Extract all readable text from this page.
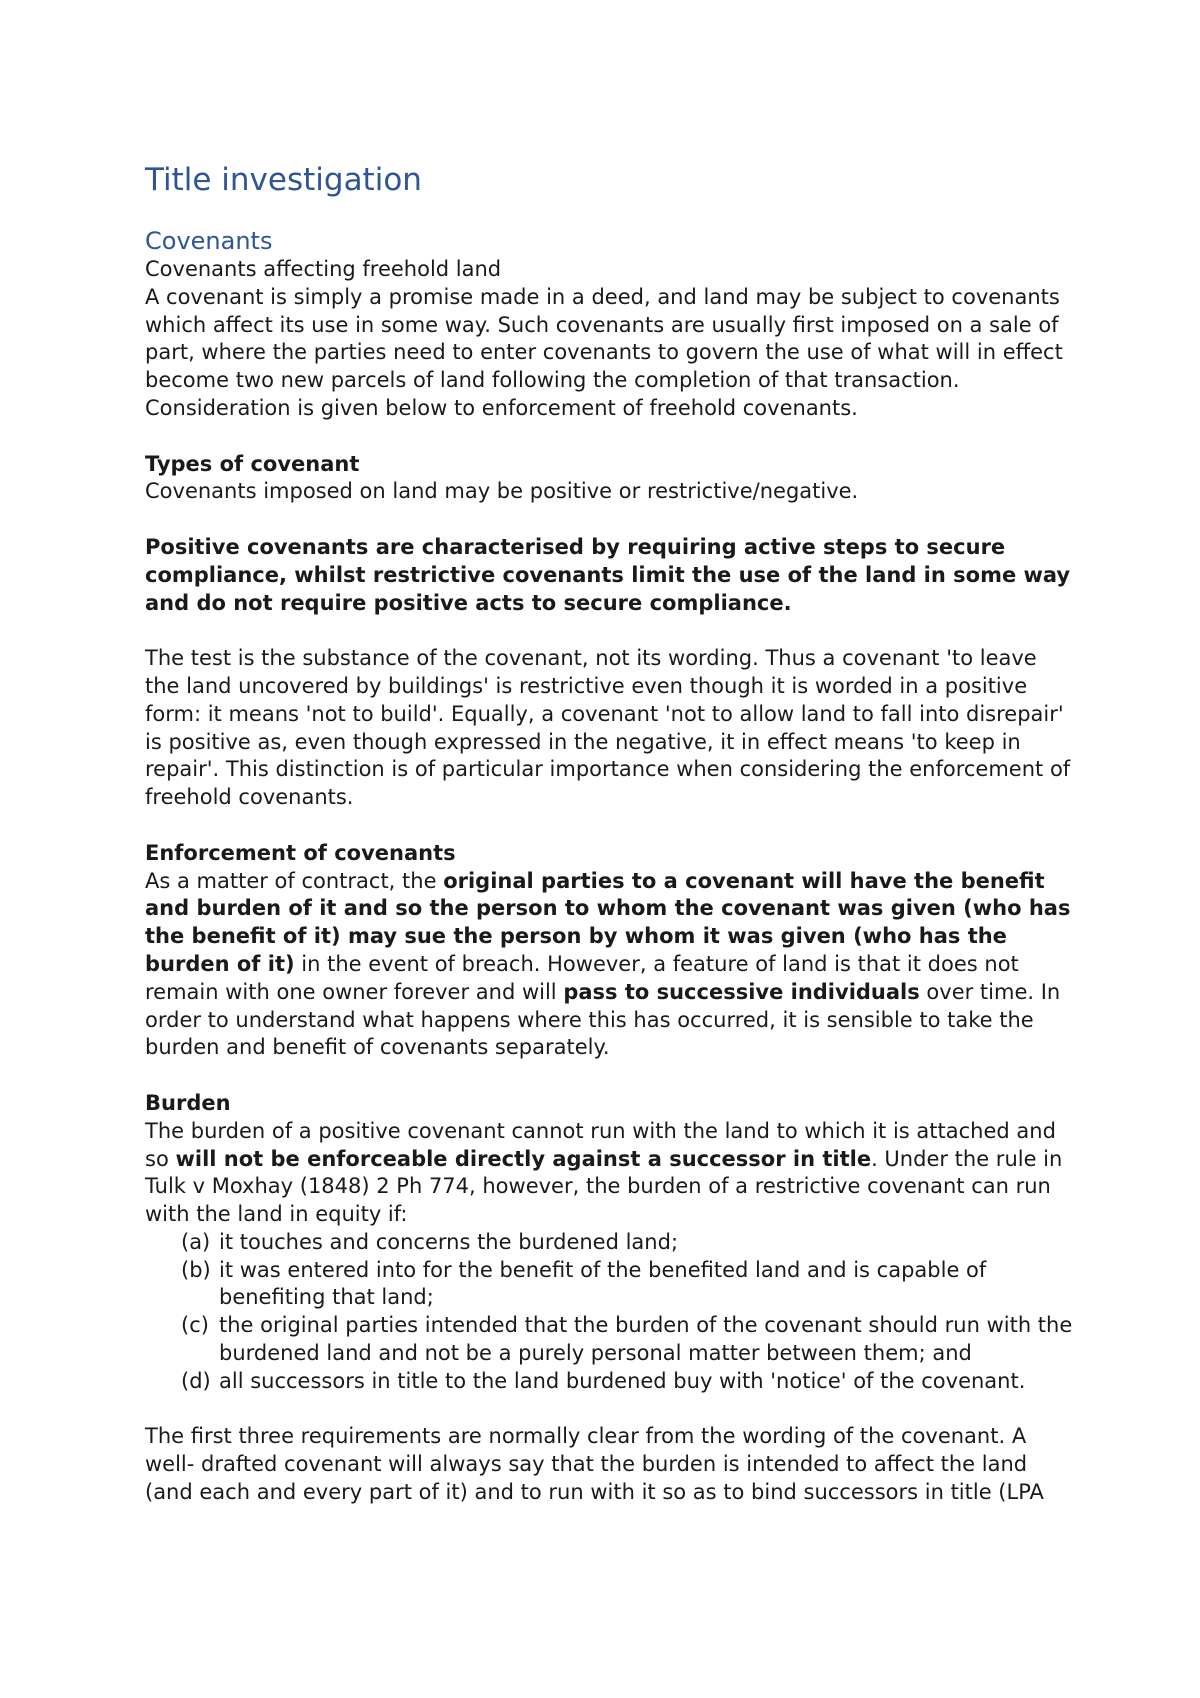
Title investigation
Covenants

Covenants affecting freehold land

A covenant is simply a promise made in a deed, and land may be subject to covenants which affect its use in some way. Such covenants are usually first imposed on a sale of part, where the parties need to enter covenants to govern the use of what will in effect become two new parcels of land following the completion of that transaction.

Consideration is given below to enforcement of freehold covenants.

Types of covenant

Covenants imposed on land may be positive or restrictive/negative.

Positive covenants are characterised by requiring active steps to secure compliance, whilst restrictive covenants limit the use of the land in some way and do not require positive acts to secure compliance.

The test is the substance of the covenant, not its wording. Thus a covenant 'to leave the land uncovered by buildings' is restrictive even though it is worded in a positive form: it means 'not to build'. Equally, a covenant 'not to allow land to fall into disrepair' is positive as, even though expressed in the negative, it in effect means 'to keep in repair'. This distinction is of particular importance when considering the enforcement of freehold covenants.

Enforcement of covenants

As a matter of contract, the original parties to a covenant will have the benefit and burden of it and so the person to whom the covenant was given (who has the benefit of it) may sue the person by whom it was given (who has the burden of it) in the event of breach. However, a feature of land is that it does not remain with one owner forever and will pass to successive individuals over time. In order to understand what happens where this has occurred, it is sensible to take the burden and benefit of covenants separately.

Burden

The burden of a positive covenant cannot run with the land to which it is attached and so will not be enforceable directly against a successor in title. Under the rule in Tulk v Moxhay (1848) 2 Ph 774, however, the burden of a restrictive covenant can run with the land in equity if:

(a) it touches and concerns the burdened land;
(b) it was entered into for the benefit of the benefited land and is capable of benefiting that land;
(c) the original parties intended that the burden of the covenant should run with the burdened land and not be a purely personal matter between them; and
(d) all successors in title to the land burdened buy with 'notice' of the covenant.

The first three requirements are normally clear from the wording of the covenant. A well- drafted covenant will always say that the burden is intended to affect the land (and each and every part of it) and to run with it so as to bind successors in title (LPA
